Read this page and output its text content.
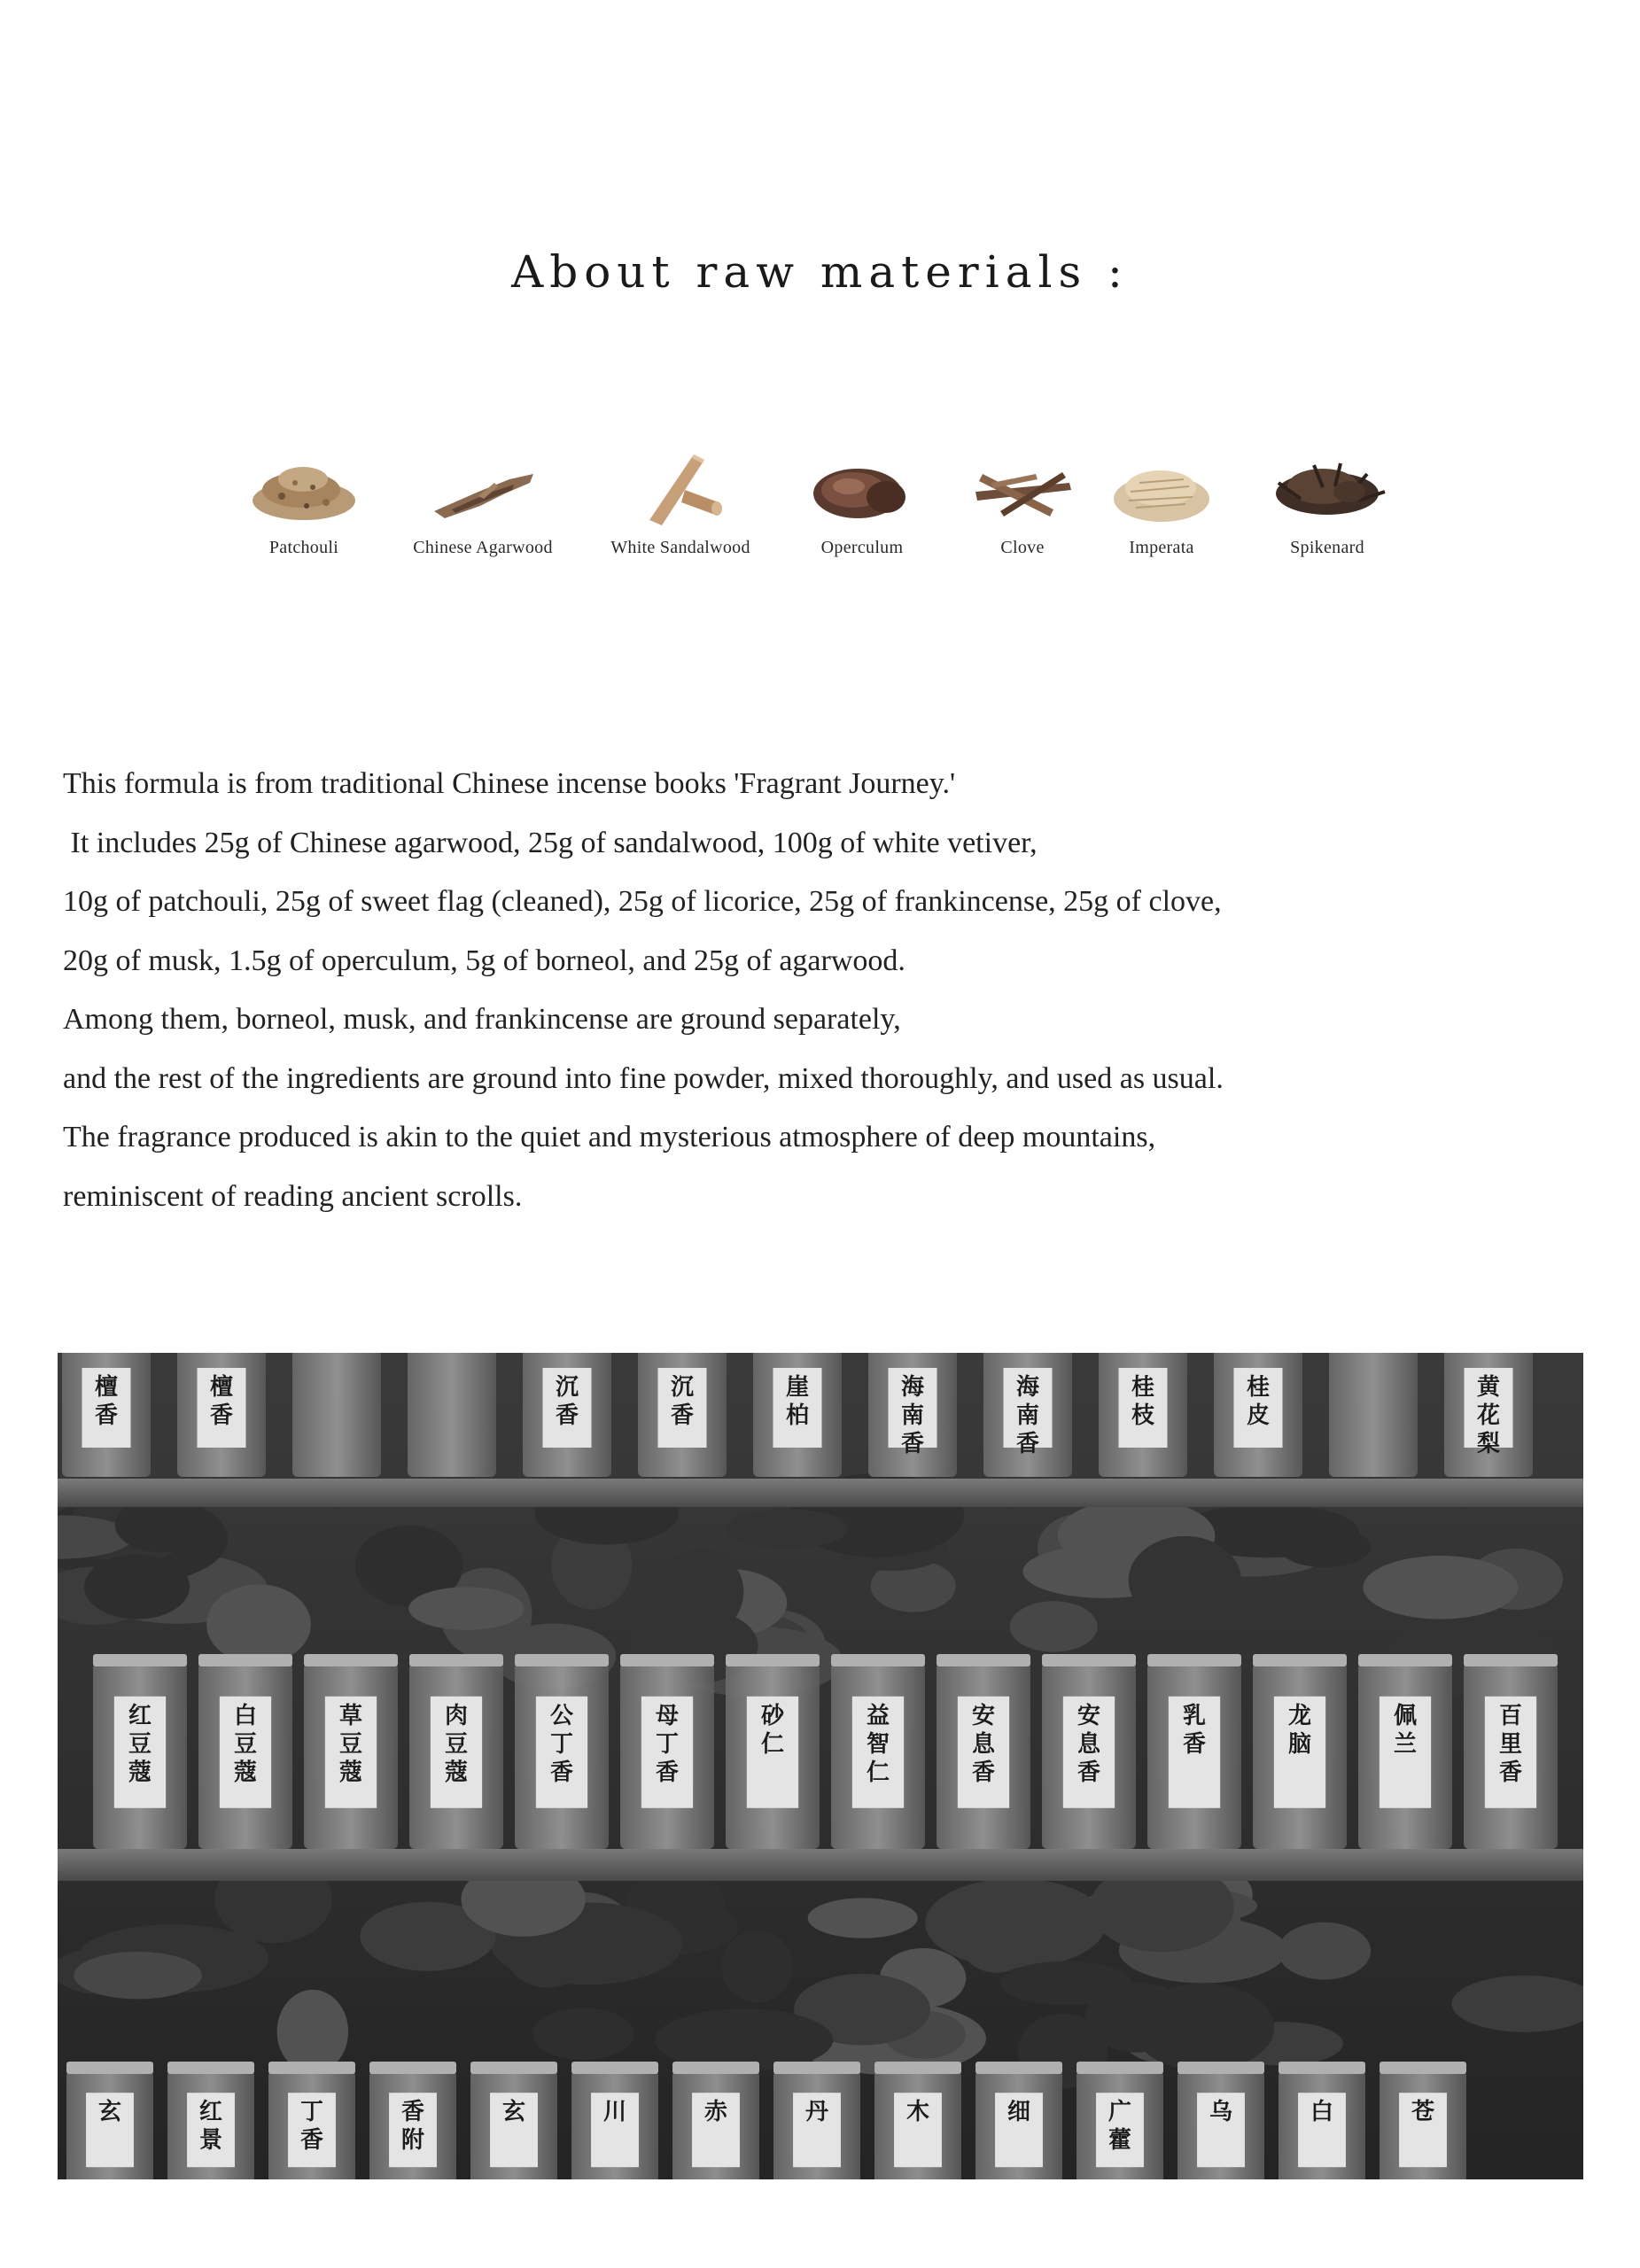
About raw materials :
Patchouli	Chinese Agarwood	White Sandalwood	Operculum	Clove	Imperata	Spikenard

This formula is from traditional Chinese incense books 'Fragrant Journey.'

It includes 25g of Chinese agarwood, 25g of sandalwood, 100g of white vetiver,

10g of patchouli, 25g of sweet flag (cleaned), 25g of licorice, 25g of frankincense, 25g of clove,

20g of musk, 1.5g of operculum, 5g of borneol, and 25g of agarwood.

Among them, borneol, musk, and frankincense are ground separately,

and the rest of the ingredients are ground into fine powder, mixed thoroughly, and used as usual.

The fragrance produced is akin to the quiet and mysterious atmosphere of deep mountains,

reminiscent of reading ancient scrolls.

檀
香
檀
香
沉
香
沉
香
崖
柏
海
南
香
海
南
香
桂
枝
桂
皮
黄
花
梨
红
豆
蔻
白
豆
蔻
草
豆
蔻
肉
豆
蔻
公
丁
香
母
丁
香
砂
仁
益
智
仁
安
息
香
安
息
香
乳
香
龙
脑
佩
兰
百
里
香
玄	红
景
丁
香
香
附
玄	川	赤	丹	木	细	广
藿
乌	白	苍
